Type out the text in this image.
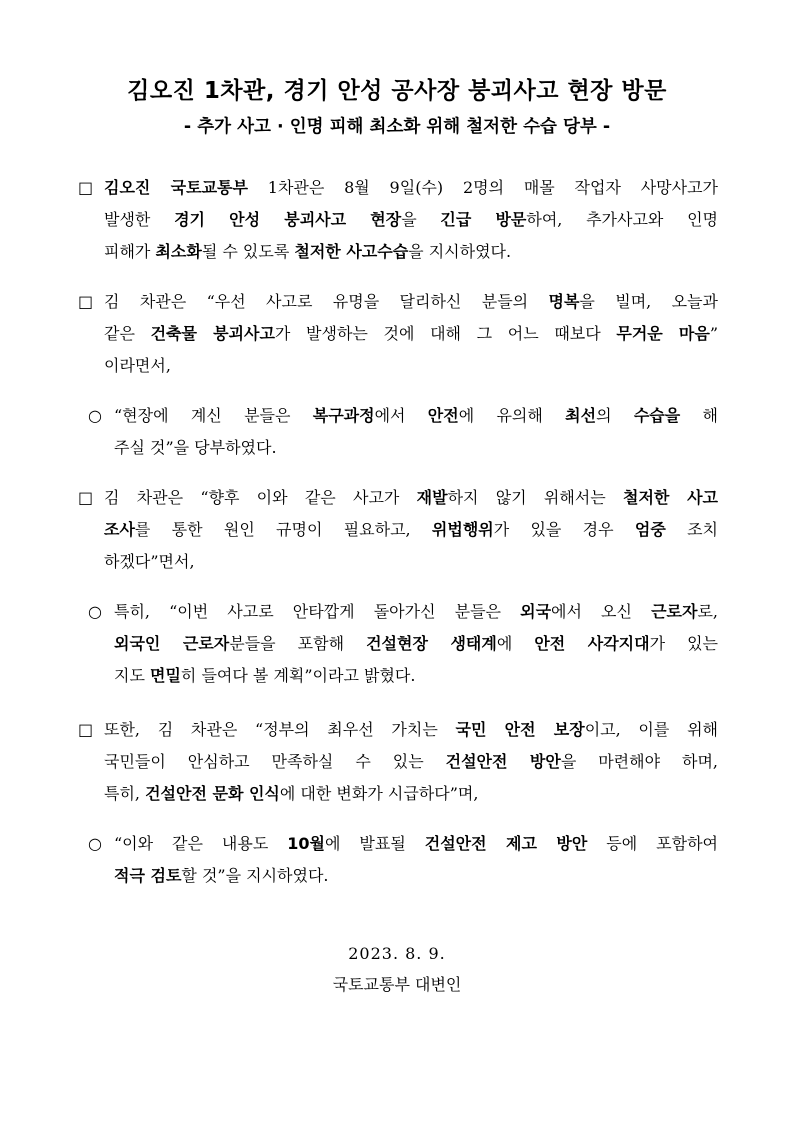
김오진 1차관, 경기 안성 공사장 붕괴사고 현장 방문
- 추가 사고 · 인명 피해 최소화 위해 철저한 수습 당부 -
□ 김오진 국토교통부 1차관은 8월 9일(수) 2명의 매몰 작업자 사망사고가
발생한 경기 안성 붕괴사고 현장을 긴급 방문하여, 추가사고와 인명
피해가 최소화될 수 있도록 철저한 사고수습을 지시하였다.
□ 김 차관은 “우선 사고로 유명을 달리하신 분들의 명복을 빌며, 오늘과
같은 건축물 붕괴사고가 발생하는 것에 대해 그 어느 때보다 무거운 마음”
이라면서,
○ “현장에 계신 분들은 복구과정에서 안전에 유의해 최선의 수습을 해
주실 것”을 당부하였다.
□ 김 차관은 “향후 이와 같은 사고가 재발하지 않기 위해서는 철저한 사고
조사를 통한 원인 규명이 필요하고, 위법행위가 있을 경우 엄중 조치
하겠다”면서,
○ 특히, “이번 사고로 안타깝게 돌아가신 분들은 외국에서 오신 근로자로,
외국인 근로자분들을 포함해 건설현장 생태계에 안전 사각지대가 있는
지도 면밀히 들여다 볼 계획”이라고 밝혔다.
□ 또한, 김 차관은 “정부의 최우선 가치는 국민 안전 보장이고, 이를 위해
국민들이 안심하고 만족하실 수 있는 건설안전 방안을 마련해야 하며,
특히, 건설안전 문화 인식에 대한 변화가 시급하다”며,
○ “이와 같은 내용도 10월에 발표될 건설안전 제고 방안 등에 포함하여
적극 검토할 것”을 지시하였다.
2023. 8. 9.
국토교통부 대변인
